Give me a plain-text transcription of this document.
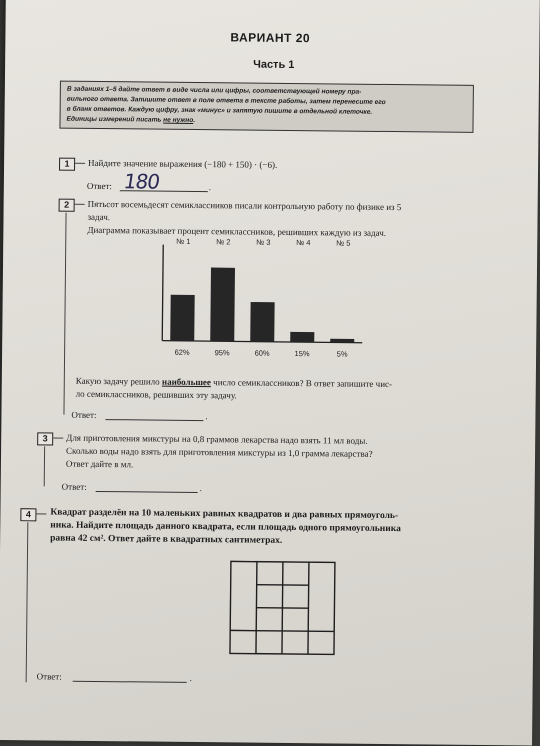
ВАРИАНТ 20
Часть 1
В заданиях 1–5 дайте ответ в виде числа или цифры, соответствующей номеру пра-
вильного ответа. Запишите ответ в поле ответа в тексте работы, затем перенесите его
в бланк ответов. Каждую цифру, знак «минус» и запятую пишите в отдельной клеточке.
Единицы измерений писать не нужно.
1	Найдите значение выражения (−180 + 150) · (−6).
Ответ: 180	.
2	Пятьсот восемьдесят семиклассников писали контрольную работу по физике из 5
задач.
Диаграмма показывает процент семиклассников, решивших каждую из задач.
№ 1
62%
№ 2
95%
№ 3
60%
№ 4
15%
№ 5
5%
Какую задачу решило наибольшее число семиклассников? В ответ запишите чис-
ло семиклассников, решивших эту задачу.
Ответ:	.
3	Для приготовления микстуры на 0,8 граммов лекарства надо взять 11 мл воды.
Сколько воды надо взять для приготовления микстуры из 1,0 грамма лекарства?
Ответ дайте в мл.
Ответ:	.
4	Квадрат разделён на 10 маленьких равных квадратов и два равных прямоуголь-
ника. Найдите площадь данного квадрата, если площадь одного прямоугольника
равна 42 см². Ответ дайте в квадратных сантиметрах.
Ответ:	.
